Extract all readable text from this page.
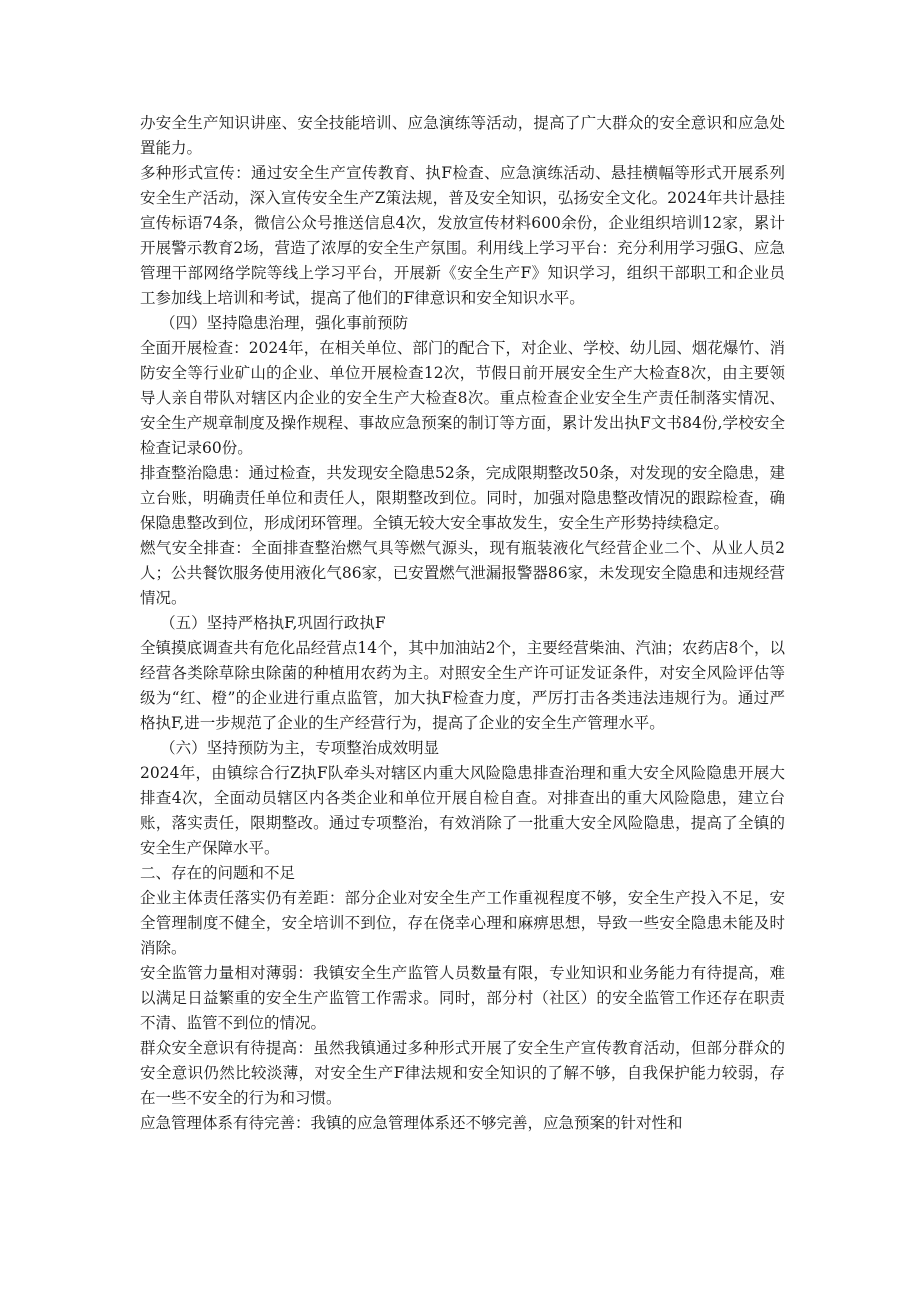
办安全生产知识讲座、安全技能培训、应急演练等活动，提高了广大群众的安全意识和应急处置能力。

多种形式宣传：通过安全生产宣传教育、执F检查、应急演练活动、悬挂横幅等形式开展系列安全生产活动，深入宣传安全生产Z策法规，普及安全知识，弘扬安全文化。2024年共计悬挂宣传标语74条，微信公众号推送信息4次，发放宣传材料600余份，企业组织培训12家，累计开展警示教育2场，营造了浓厚的安全生产氛围。利用线上学习平台：充分利用学习强G、应急管理干部网络学院等线上学习平台，开展新《安全生产F》知识学习，组织干部职工和企业员工参加线上培训和考试，提高了他们的F律意识和安全知识水平。

（四）坚持隐患治理，强化事前预防

全面开展检查：2024年，在相关单位、部门的配合下，对企业、学校、幼儿园、烟花爆竹、消防安全等行业矿山的企业、单位开展检查12次，节假日前开展安全生产大检查8次，由主要领导人亲自带队对辖区内企业的安全生产大检查8次。重点检查企业安全生产责任制落实情况、安全生产规章制度及操作规程、事故应急预案的制订等方面，累计发出执F文书84份,学校安全检查记录60份。

排查整治隐患：通过检查，共发现安全隐患52条，完成限期整改50条，对发现的安全隐患，建立台账，明确责任单位和责任人，限期整改到位。同时，加强对隐患整改情况的跟踪检查，确保隐患整改到位，形成闭环管理。全镇无较大安全事故发生，安全生产形势持续稳定。

燃气安全排查：全面排查整治燃气具等燃气源头，现有瓶装液化气经营企业二个、从业人员2人；公共餐饮服务使用液化气86家，已安置燃气泄漏报警器86家，未发现安全隐患和违规经营情况。

（五）坚持严格执F,巩固行政执F

全镇摸底调查共有危化品经营点14个，其中加油站2个，主要经营柴油、汽油；农药店8个，以经营各类除草除虫除菌的种植用农药为主。对照安全生产许可证发证条件，对安全风险评估等级为“红、橙”的企业进行重点监管，加大执F检查力度，严厉打击各类违法违规行为。通过严格执F,进一步规范了企业的生产经营行为，提高了企业的安全生产管理水平。

（六）坚持预防为主，专项整治成效明显

2024年，由镇综合行Z执F队牵头对辖区内重大风险隐患排查治理和重大安全风险隐患开展大排查4次，全面动员辖区内各类企业和单位开展自检自查。对排查出的重大风险隐患，建立台账，落实责任，限期整改。通过专项整治，有效消除了一批重大安全风险隐患，提高了全镇的安全生产保障水平。

二、存在的问题和不足

企业主体责任落实仍有差距：部分企业对安全生产工作重视程度不够，安全生产投入不足，安全管理制度不健全，安全培训不到位，存在侥幸心理和麻痹思想，导致一些安全隐患未能及时消除。

安全监管力量相对薄弱：我镇安全生产监管人员数量有限，专业知识和业务能力有待提高，难以满足日益繁重的安全生产监管工作需求。同时，部分村（社区）的安全监管工作还存在职责不清、监管不到位的情况。

群众安全意识有待提高：虽然我镇通过多种形式开展了安全生产宣传教育活动，但部分群众的安全意识仍然比较淡薄，对安全生产F律法规和安全知识的了解不够，自我保护能力较弱，存在一些不安全的行为和习惯。

应急管理体系有待完善：我镇的应急管理体系还不够完善，应急预案的针对性和
